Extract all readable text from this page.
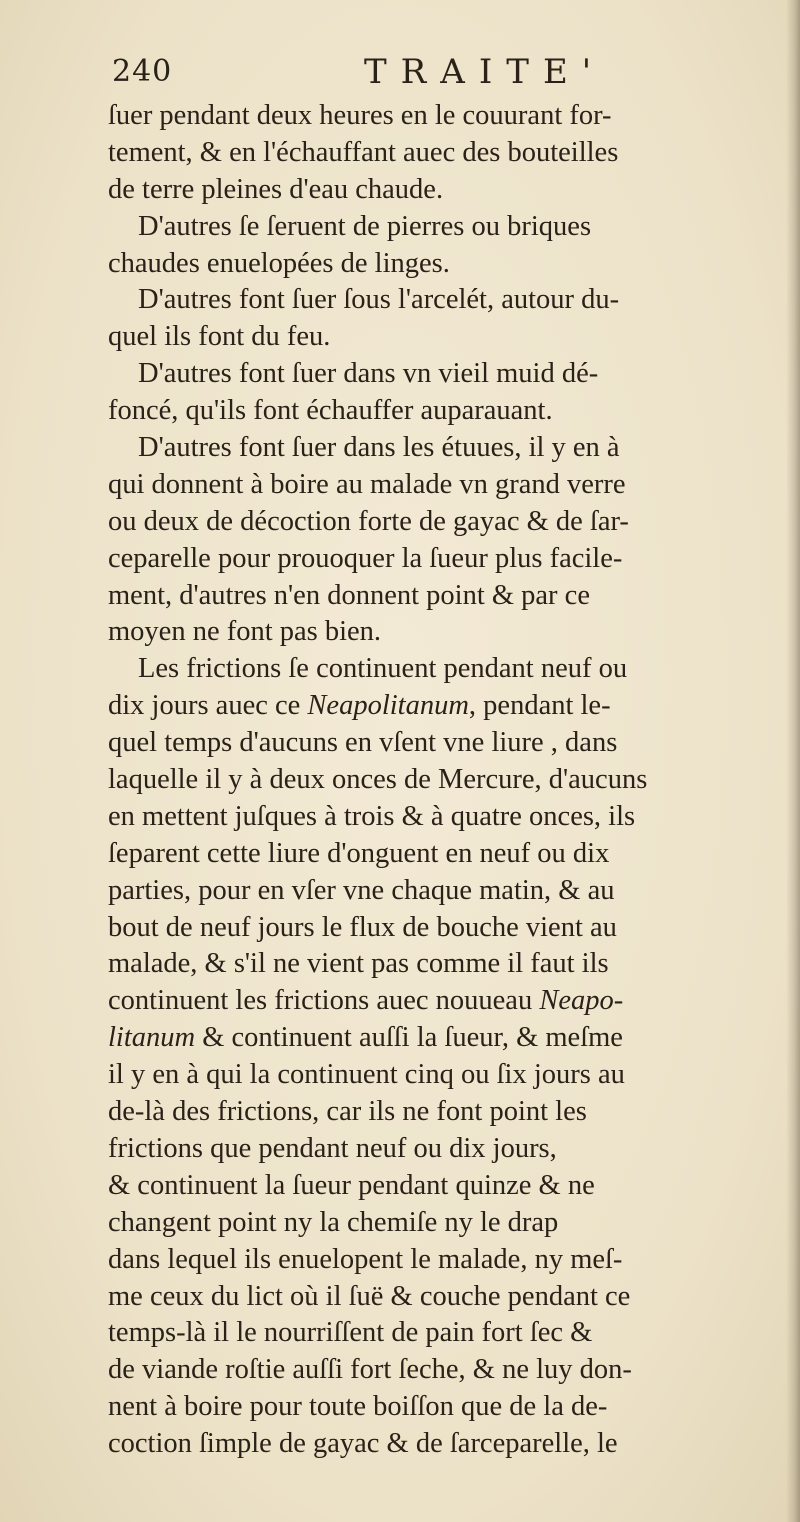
240	TRAITE'
ſuer pendant deux heures en le couurant for-
tement, & en l'échauffant auec des bouteilles
de terre pleines d'eau chaude.
D'autres ſe ſeruent de pierres ou briques
chaudes enuelopées de linges.
D'autres font ſuer ſous l'arcelét, autour du-
quel ils font du feu.
D'autres font ſuer dans vn vieil muid dé-
foncé, qu'ils font échauffer auparauant.
D'autres font ſuer dans les étuues, il y en à
qui donnent à boire au malade vn grand verre
ou deux de décoction forte de gayac & de ſar-
ceparelle pour prouoquer la ſueur plus facile-
ment, d'autres n'en donnent point & par ce
moyen ne font pas bien.
Les frictions ſe continuent pendant neuf ou
dix jours auec ce Neapolitanum, pendant le-
quel temps d'aucuns en vſent vne liure , dans
laquelle il y à deux onces de Mercure, d'aucuns
en mettent juſques à trois & à quatre onces, ils
ſeparent cette liure d'onguent en neuf ou dix
parties, pour en vſer vne chaque matin, & au
bout de neuf jours le flux de bouche vient au
malade, & s'il ne vient pas comme il faut ils
continuent les frictions auec nouueau Neapo-
litanum & continuent auſſi la ſueur, & meſme
il y en à qui la continuent cinq ou ſix jours au
de-là des frictions, car ils ne font point les
frictions que pendant neuf ou dix jours,
& continuent la ſueur pendant quinze & ne
changent point ny la chemiſe ny le drap
dans lequel ils enuelopent le malade, ny meſ-
me ceux du lict où il ſuë & couche pendant ce
temps-là il le nourriſſent de pain fort ſec &
de viande roſtie auſſi fort ſeche, & ne luy don-
nent à boire pour toute boiſſon que de la de-
coction ſimple de gayac & de ſarceparelle, le
